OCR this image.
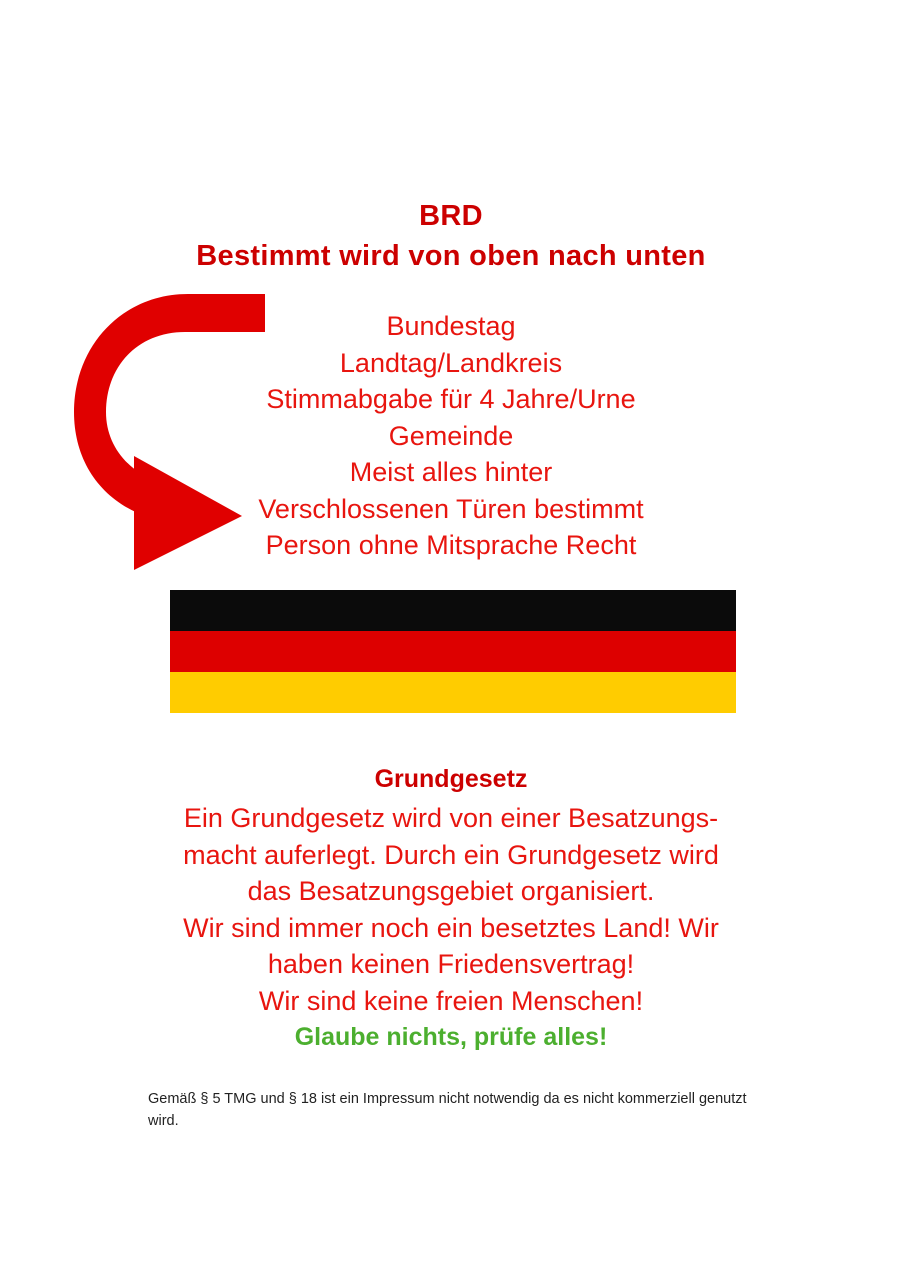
BRD
Bestimmt wird von oben nach unten
Bundestag
Landtag/Landkreis
Stimmabgabe für 4 Jahre/Urne
Gemeinde
Meist alles hinter
Verschlossenen Türen bestimmt
Person ohne Mitsprache Recht
Grundgesetz
Ein Grundgesetz wird von einer Besatzungs-
macht auferlegt. Durch ein Grundgesetz wird
das Besatzungsgebiet organisiert.
Wir sind immer noch ein besetztes Land! Wir
haben keinen Friedensvertrag!
Wir sind keine freien Menschen!
Glaube nichts, prüfe alles!
Gemäß § 5 TMG und § 18 ist ein Impressum nicht notwendig da es nicht kommerziell genutzt wird.
